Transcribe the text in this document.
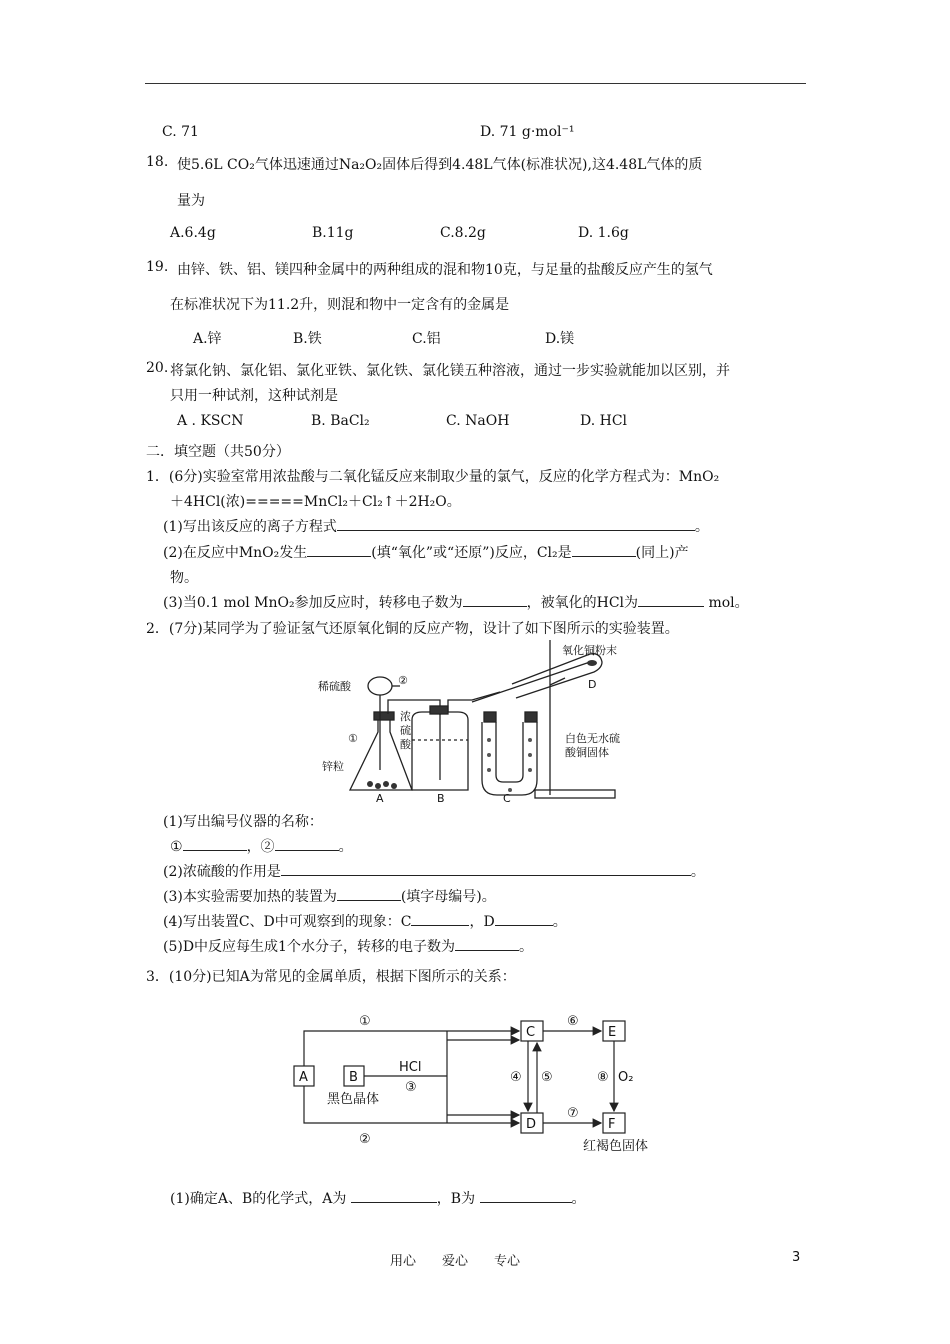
C. 71	D. 71 g·mol⁻¹
18. 使5.6L CO₂气体迅速通过Na₂O₂固体后得到4.48L气体(标准状况),这4.48L气体的质
量为
A.6.4g	B.11g	C.8.2g	D. 1.6g
19. 由锌、铁、铝、镁四种金属中的两种组成的混和物10克，与足量的盐酸反应产生的氢气
在标准状况下为11.2升，则混和物中一定含有的金属是
A.锌	B.铁	C.铝	D.镁
20. 将氯化钠、氯化铝、氯化亚铁、氯化铁、氯化镁五种溶液，通过一步实验就能加以区别，并
只用一种试剂，这种试剂是
A . KSCN	B. BaCl₂	C. NaOH	D. HCl
二．填空题（共50分）
1．(6分)实验室常用浓盐酸与二氧化锰反应来制取少量的氯气，反应的化学方程式为：MnO₂
＋4HCl(浓)=====MnCl₂＋Cl₂↑＋2H₂O。
(1)写出该反应的离子方程式	。
(2)在反应中MnO₂发生	(填“氧化”或“还原”)反应，Cl₂是	(同上)产
物。
(3)当0.1 mol MnO₂参加反应时，转移电子数为	，被氧化的HCl为	mol。
2．(7分)某同学为了验证氢气还原氧化铜的反应产物，设计了如下图所示的实验装置。
稀硫酸	②
①
锌粒
浓
硫
酸
氧化铜粉末
D
白色无水硫
酸铜固体
A	B	C
(1)写出编号仪器的名称：
①	，②	。
(2)浓硫酸的作用是	。
(3)本实验需要加热的装置为	(填字母编号)。
(4)写出装置C、D中可观察到的现象：C	，D	。
(5)D中反应每生成1个水分子，转移的电子数为	。
3．(10分)已知A为常见的金属单质，根据下图所示的关系：
A	B
C
D
E
F
①
②
HCl
③
④ ⑤
⑥
⑦
⑧ O₂
黑色晶体
红褐色固体
(1)确定A、B的化学式，A为	，B为	。
用心　　爱心　　专心	3
